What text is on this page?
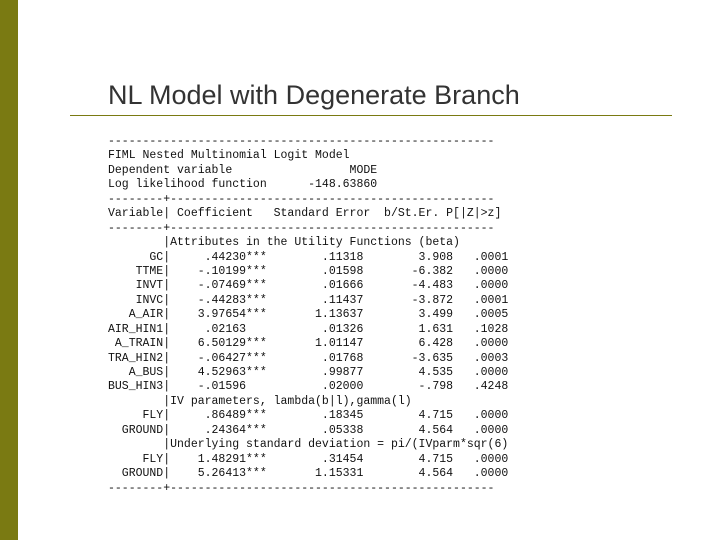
NL Model with Degenerate Branch
--------------------------------------------------------
FIML Nested Multinomial Logit Model
Dependent variable                 MODE
Log likelihood function      -148.63860
--------+-----------------------------------------------
Variable| Coefficient   Standard Error  b/St.Er. P[|Z|>z]
--------+-----------------------------------------------
|Attributes in the Utility Functions (beta)
GC|     .44230***        .11318        3.908   .0001
TTME|    -.10199***        .01598       -6.382   .0000
INVT|    -.07469***        .01666       -4.483   .0000
INVC|    -.44283***        .11437       -3.872   .0001
A_AIR|    3.97654***       1.13637        3.499   .0005
AIR_HIN1|     .02163           .01326        1.631   .1028
A_TRAIN|    6.50129***       1.01147        6.428   .0000
TRA_HIN2|    -.06427***        .01768       -3.635   .0003
A_BUS|    4.52963***        .99877        4.535   .0000
BUS_HIN3|    -.01596           .02000        -.798   .4248
|IV parameters, lambda(b|l),gamma(l)
FLY|     .86489***        .18345        4.715   .0000
GROUND|     .24364***        .05338        4.564   .0000
|Underlying standard deviation = pi/(IVparm*sqr(6)
FLY|    1.48291***        .31454        4.715   .0000
GROUND|    5.26413***       1.15331        4.564   .0000
--------+-----------------------------------------------
